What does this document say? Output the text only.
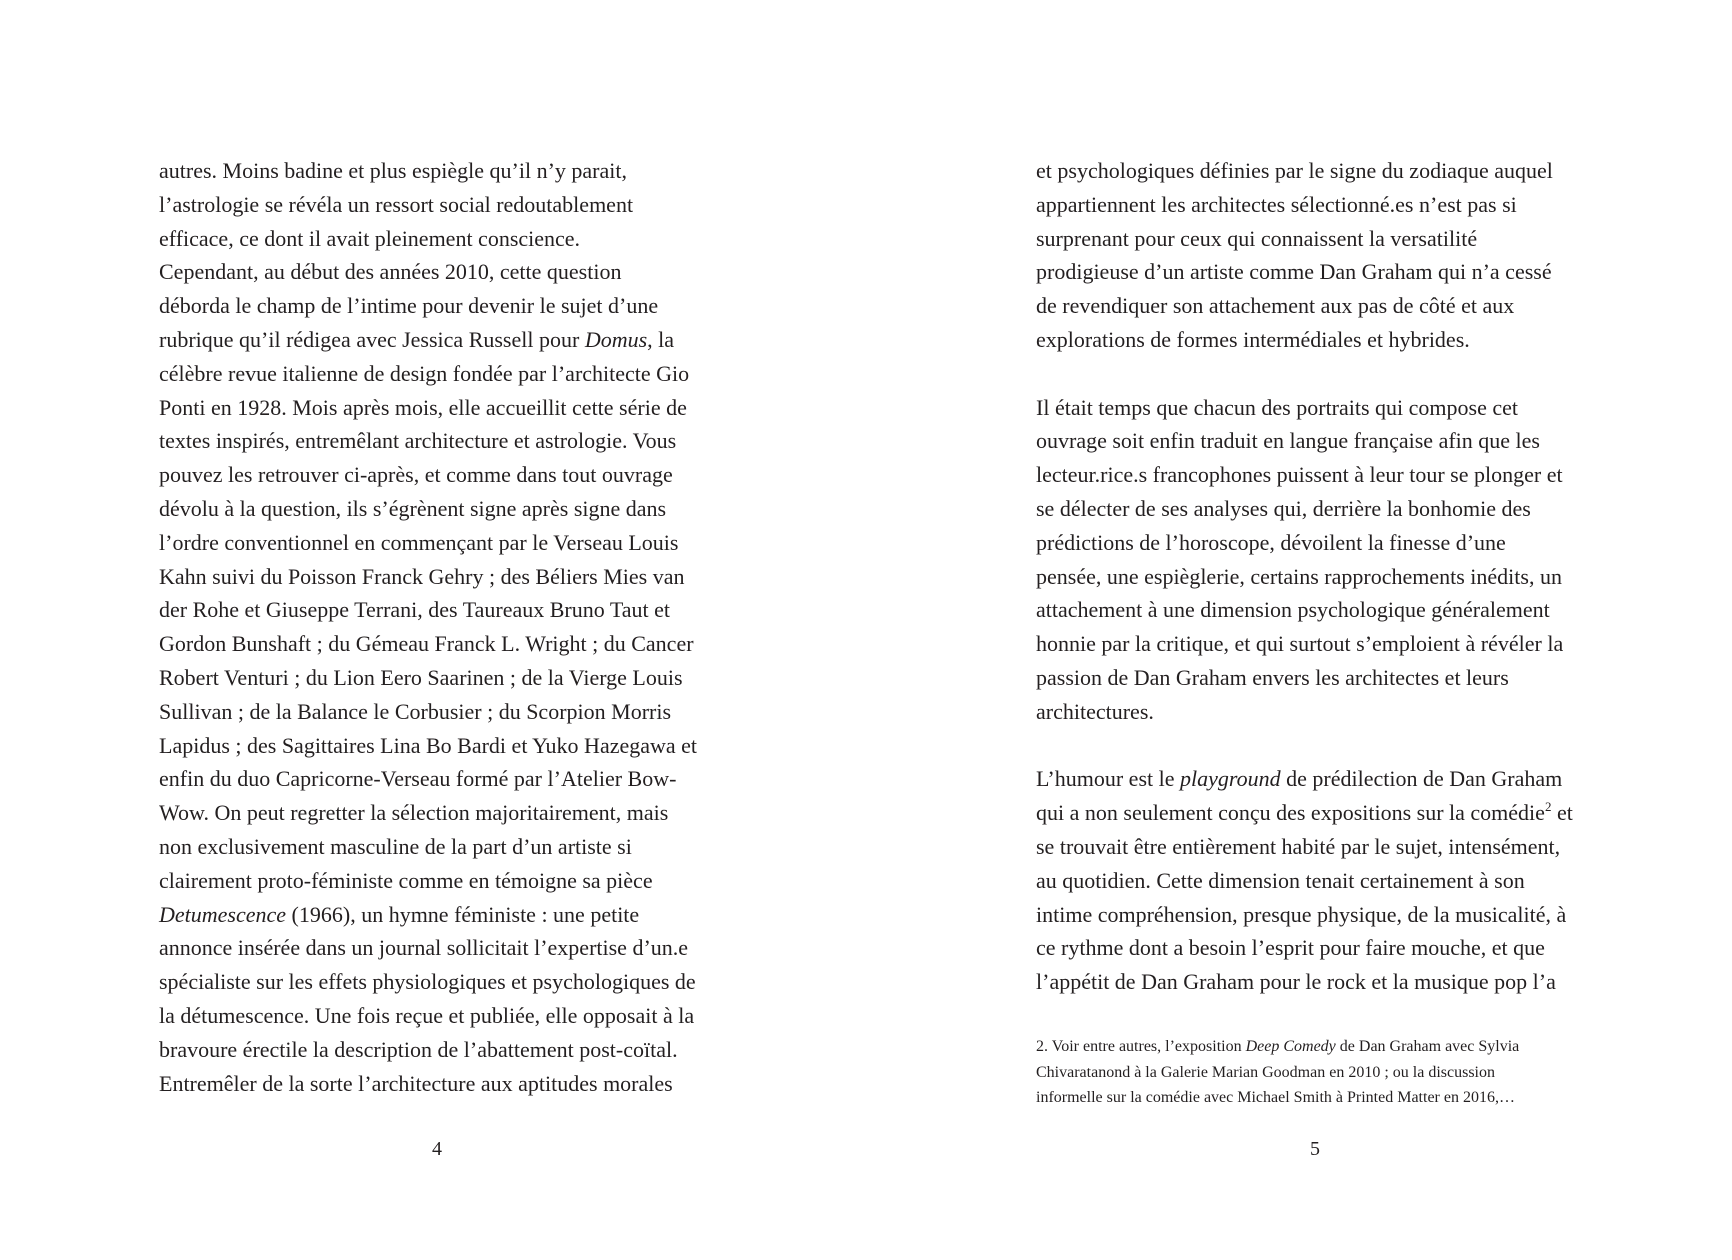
autres. Moins badine et plus espiègle qu’il n’y parait,
l’astrologie se révéla un ressort social redoutablement
efficace, ce dont il avait pleinement conscience.
Cependant, au début des années 2010, cette question
déborda le champ de l’intime pour devenir le sujet d’une
rubrique qu’il rédigea avec Jessica Russell pour Domus, la
célèbre revue italienne de design fondée par l’architecte Gio
Ponti en 1928. Mois après mois, elle accueillit cette série de
textes inspirés, entremêlant architecture et astrologie. Vous
pouvez les retrouver ci-après, et comme dans tout ouvrage
dévolu à la question, ils s’égrènent signe après signe dans
l’ordre conventionnel en commençant par le Verseau Louis
Kahn suivi du Poisson Franck Gehry ; des Béliers Mies van
der Rohe et Giuseppe Terrani, des Taureaux Bruno Taut et
Gordon Bunshaft ; du Gémeau Franck L. Wright ; du Cancer
Robert Venturi ; du Lion Eero Saarinen ; de la Vierge Louis
Sullivan ; de la Balance le Corbusier ; du Scorpion Morris
Lapidus ; des Sagittaires Lina Bo Bardi et Yuko Hazegawa et
enfin du duo Capricorne-Verseau formé par l’Atelier Bow-
Wow. On peut regretter la sélection majoritairement, mais
non exclusivement masculine de la part d’un artiste si
clairement proto-féministe comme en témoigne sa pièce
Detumescence (1966), un hymne féministe : une petite
annonce insérée dans un journal sollicitait l’expertise d’un.e
spécialiste sur les effets physiologiques et psychologiques de
la détumescence. Une fois reçue et publiée, elle opposait à la
bravoure érectile la description de l’abattement post-coïtal.
Entremêler de la sorte l’architecture aux aptitudes morales
4
et psychologiques définies par le signe du zodiaque auquel
appartiennent les architectes sélectionné.es n’est pas si
surprenant pour ceux qui connaissent la versatilité
prodigieuse d’un artiste comme Dan Graham qui n’a cessé
de revendiquer son attachement aux pas de côté et aux
explorations de formes intermédiales et hybrides.
Il était temps que chacun des portraits qui compose cet
ouvrage soit enfin traduit en langue française afin que les
lecteur.rice.s francophones puissent à leur tour se plonger et
se délecter de ses analyses qui, derrière la bonhomie des
prédictions de l’horoscope, dévoilent la finesse d’une
pensée, une espièglerie, certains rapprochements inédits, un
attachement à une dimension psychologique généralement
honnie par la critique, et qui surtout s’emploient à révéler la
passion de Dan Graham envers les architectes et leurs
architectures.
L’humour est le playground de prédilection de Dan Graham
qui a non seulement conçu des expositions sur la comédie$^2$ et
se trouvait être entièrement habité par le sujet, intensément,
au quotidien. Cette dimension tenait certainement à son
intime compréhension, presque physique, de la musicalité, à
ce rythme dont a besoin l’esprit pour faire mouche, et que
l’appétit de Dan Graham pour le rock et la musique pop l’a
2. Voir entre autres, l’exposition Deep Comedy de Dan Graham avec Sylvia
Chivaratanond à la Galerie Marian Goodman en 2010 ; ou la discussion
informelle sur la comédie avec Michael Smith à Printed Matter en 2016,…
5
